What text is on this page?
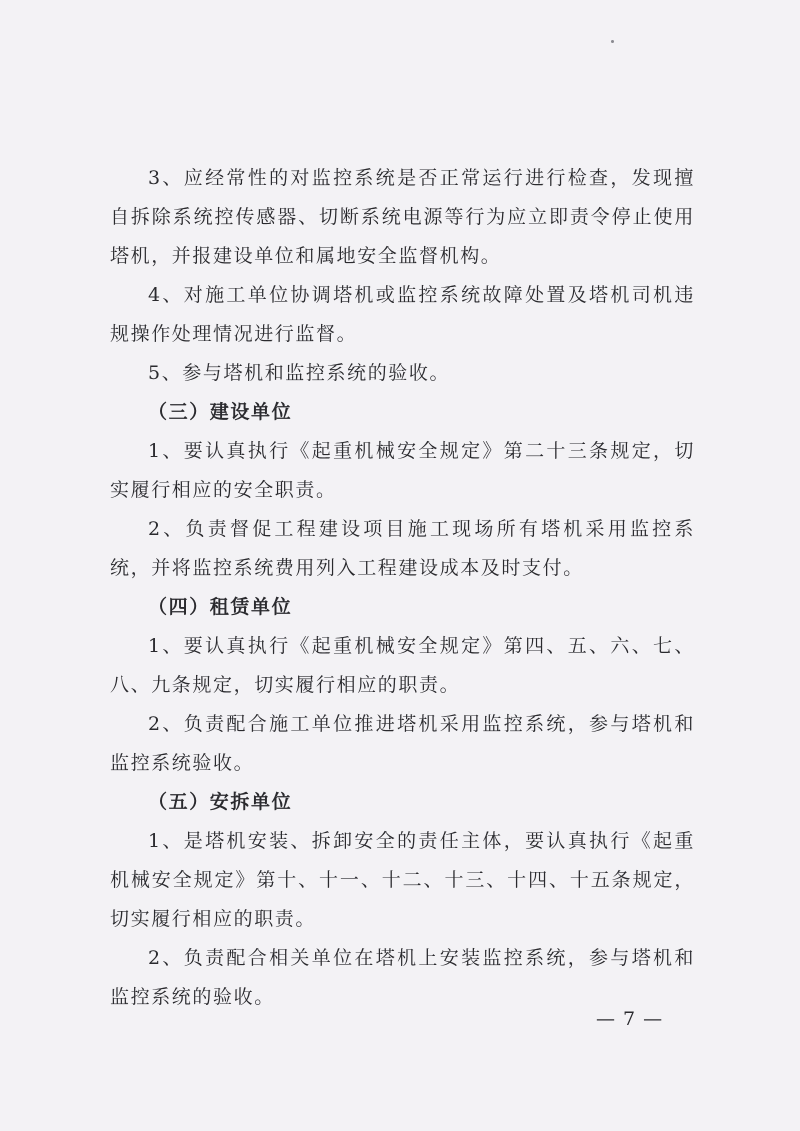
3、应经常性的对监控系统是否正常运行进行检查，发现擅自拆除系统控传感器、切断系统电源等行为应立即责令停止使用塔机，并报建设单位和属地安全监督机构。

4、对施工单位协调塔机或监控系统故障处置及塔机司机违规操作处理情况进行监督。

5、参与塔机和监控系统的验收。

（三）建设单位

1、要认真执行《起重机械安全规定》第二十三条规定，切实履行相应的安全职责。

2、负责督促工程建设项目施工现场所有塔机采用监控系统，并将监控系统费用列入工程建设成本及时支付。

（四）租赁单位

1、要认真执行《起重机械安全规定》第四、五、六、七、八、九条规定，切实履行相应的职责。

2、负责配合施工单位推进塔机采用监控系统，参与塔机和监控系统验收。

（五）安拆单位

1、是塔机安装、拆卸安全的责任主体，要认真执行《起重机械安全规定》第十、十一、十二、十三、十四、十五条规定，切实履行相应的职责。

2、负责配合相关单位在塔机上安装监控系统，参与塔机和监控系统的验收。

— 7 —
